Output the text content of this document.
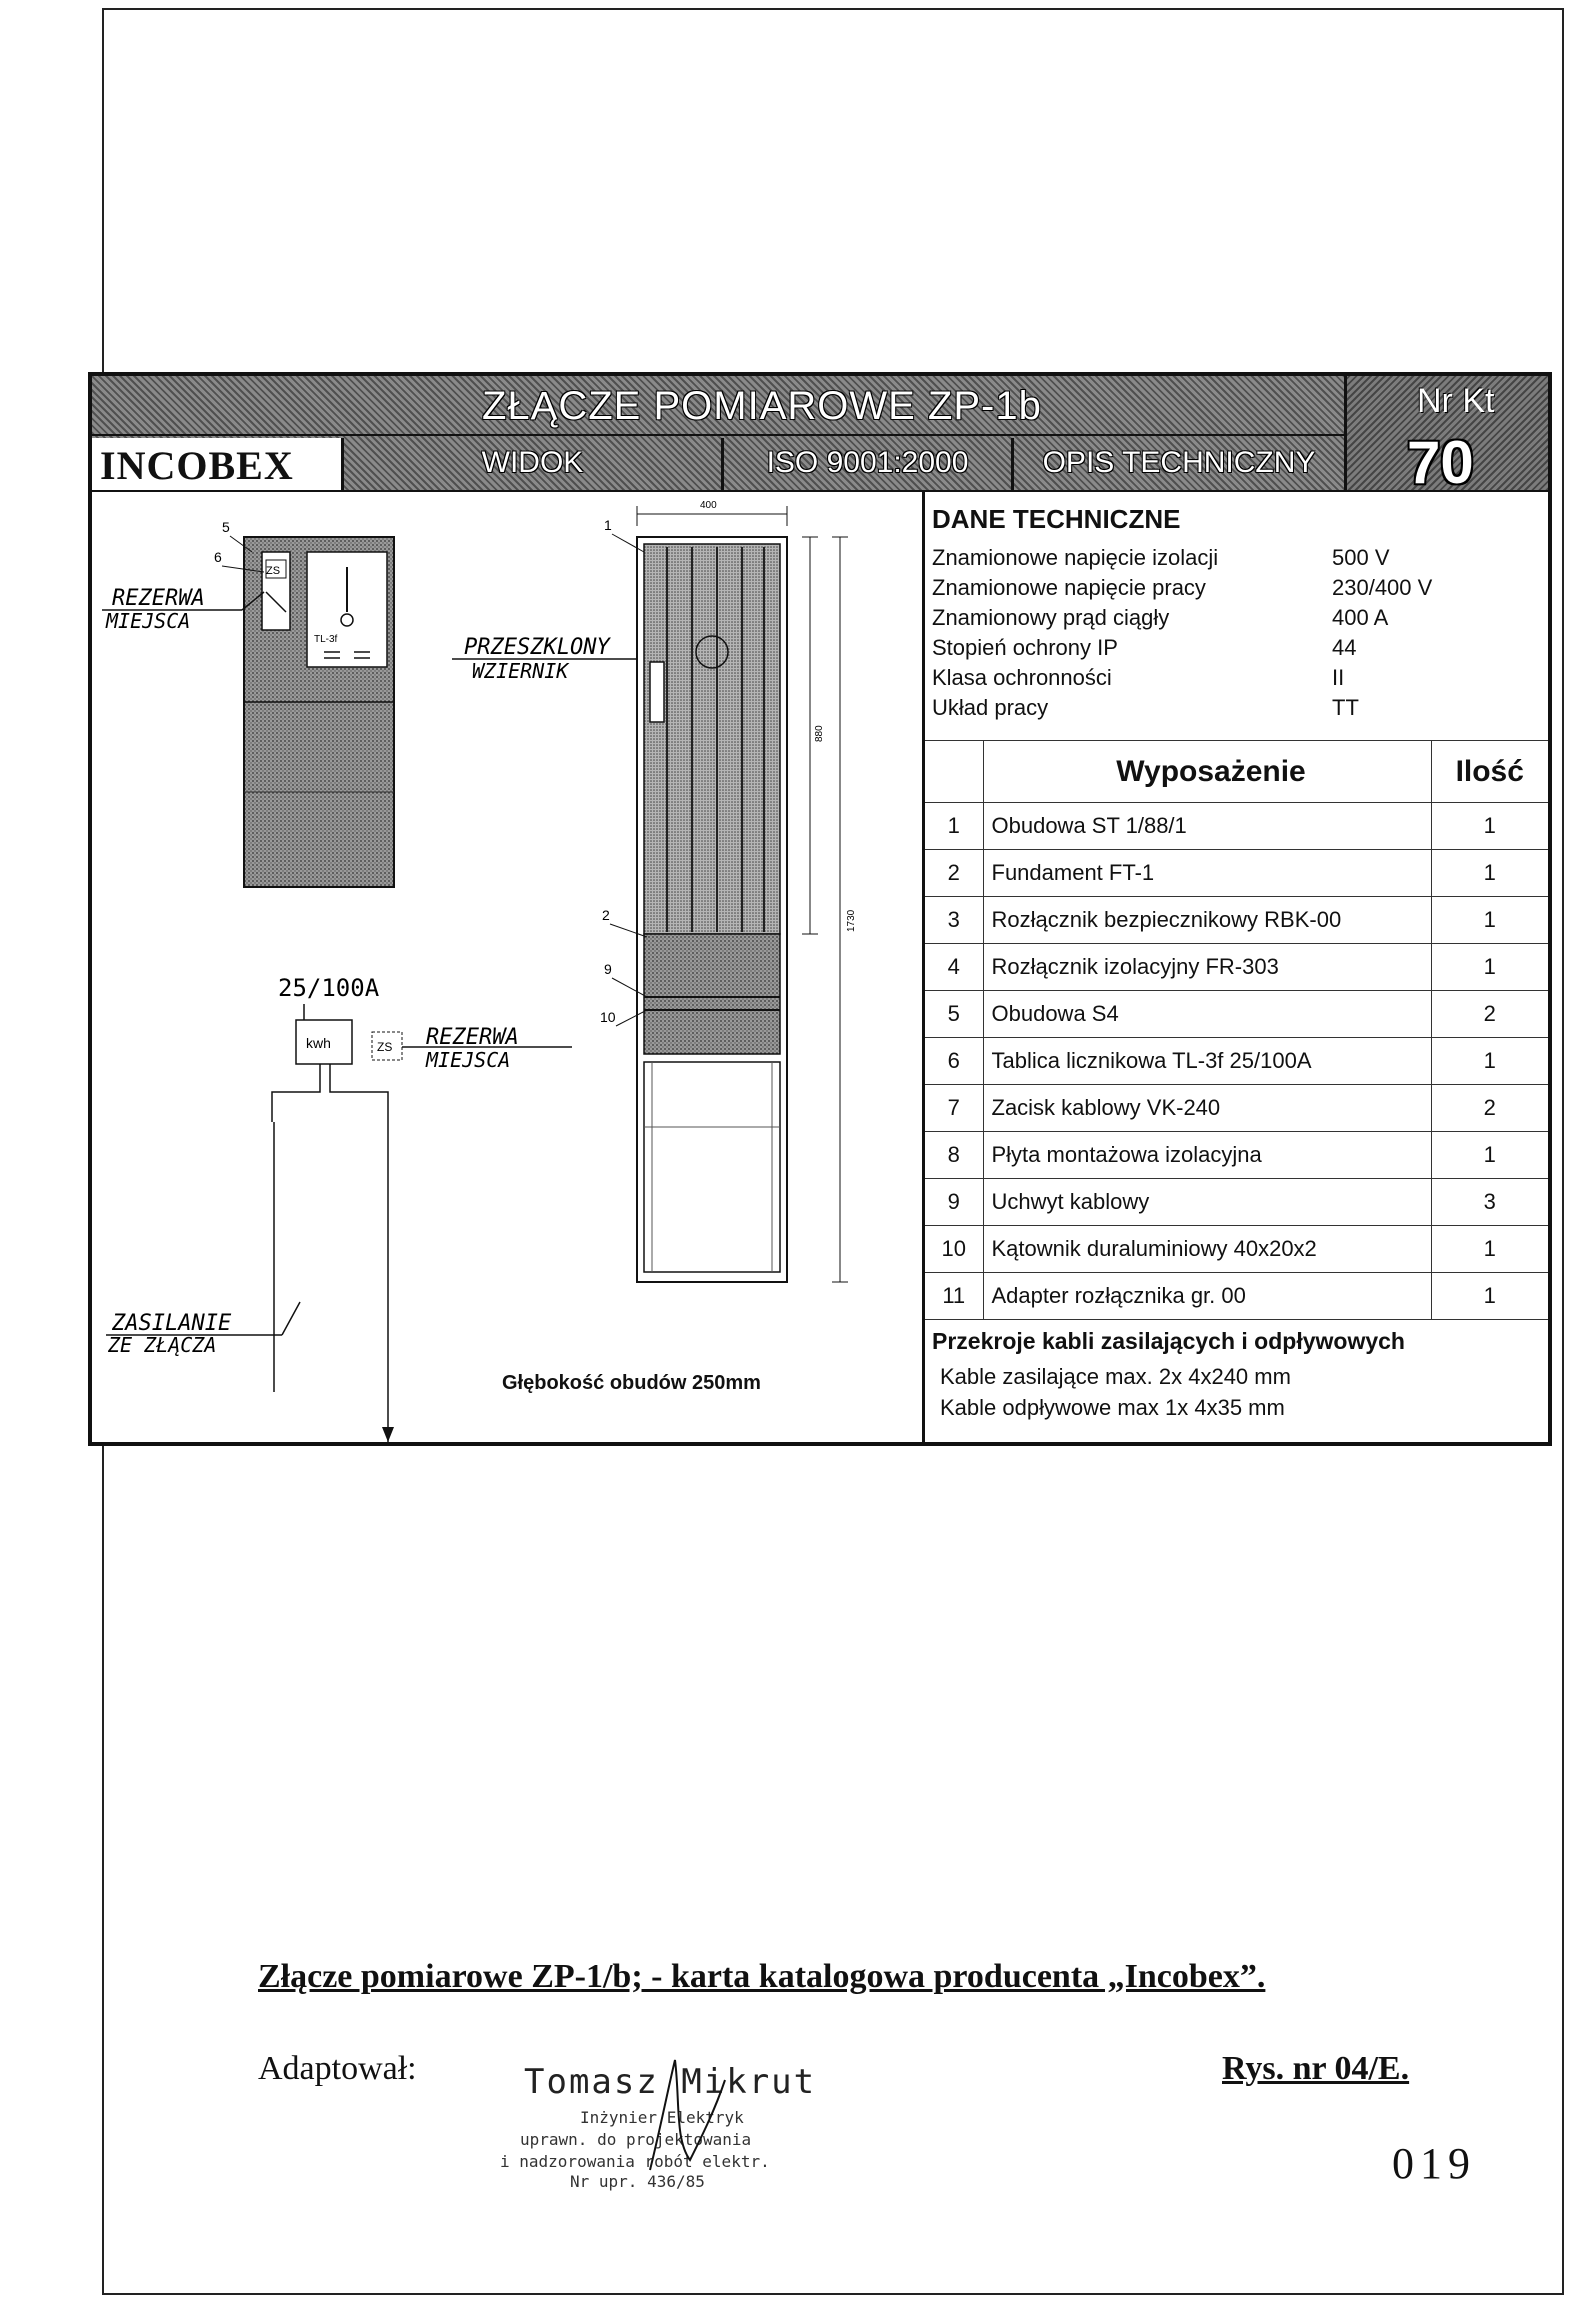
ZŁĄCZE POMIAROWE ZP-1b
INCOBEX	WIDOK	ISO 9001:2000	OPIS TECHNICZNY
Nr Kt
70
ZS
TL-3f
5
6
REZERWA
MIEJSCA
400
880
1730
1
2
9
10
PRZESZKLONY
WZIERNIK
25/100A
kwh	ZS REZERWA
MIEJSCA
ZASILANIE
ZE ZŁĄCZA
Głębokość obudów 250mm
DANE TECHNICZNE
Znamionowe napięcie izolacji	500 V
Znamionowe napięcie pracy	230/400 V
Znamionowy prąd ciągły	400 A
Stopień ochrony IP	44
Klasa ochronności	II
Układ pracy	TT
	Wyposażenie	Ilość
1	Obudowa ST 1/88/1	1
2	Fundament FT-1	1
3	Rozłącznik bezpiecznikowy RBK-00	1
4	Rozłącznik izolacyjny FR-303	1
5	Obudowa S4	2
6	Tablica licznikowa TL-3f 25/100A	1
7	Zacisk kablowy VK-240	2
8	Płyta montażowa izolacyjna	1
9	Uchwyt kablowy	3
10	Kątownik duraluminiowy 40x20x2	1
11	Adapter rozłącznika gr. 00	1
Przekroje kabli zasilających i odpływowych
Kable zasilające max. 2x 4x240 mm
Kable odpływowe max 1x 4x35 mm
Złącze pomiarowe ZP-1/b; - karta katalogowa producenta „Incobex”.
Adaptował:	Tomasz Mikrut
Inżynier Elektryk
uprawn. do projektowania
i nadzorowania robót elektr.
Nr upr. 436/85
Rys. nr 04/E.
019
